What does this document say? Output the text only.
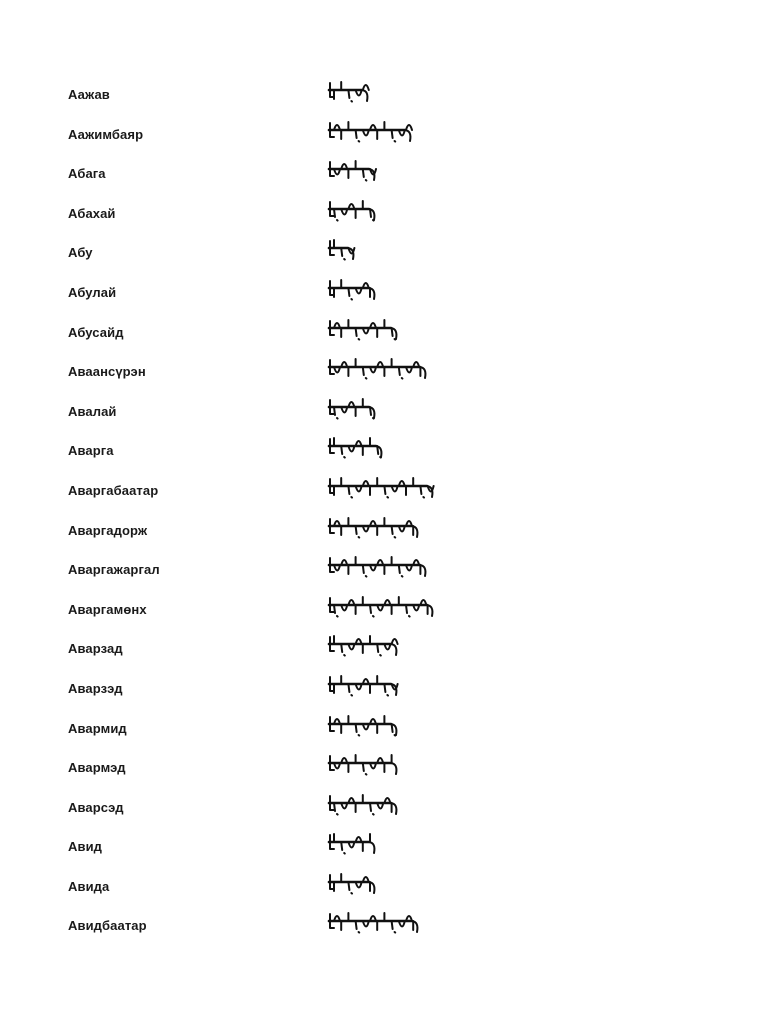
Аажав
Аажимбаяр
Абага
Абахай
Абу
Абулай
Абусайд
Аваансүрэн
Авалай
Аварга
Аваргабаатар
Аваргадорж
Аваргажаргал
Аваргамөнх
Аварзад
Аварзэд
Авармид
Авармэд
Аварсэд
Авид
Авида
Авидбаатар
